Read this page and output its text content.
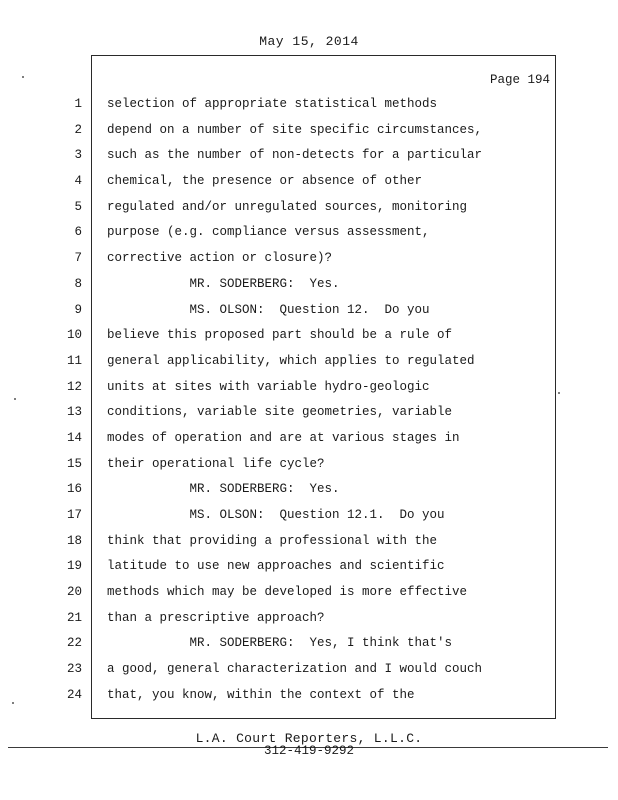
May 15, 2014
Page 194
1 selection of appropriate statistical methods
2 depend on a number of site specific circumstances,
3 such as the number of non-detects for a particular
4 chemical, the presence or absence of other
5 regulated and/or unregulated sources, monitoring
6 purpose (e.g. compliance versus assessment,
7 corrective action or closure)?
8 MR. SODERBERG:  Yes.
9 MS. OLSON:  Question 12.  Do you
10 believe this proposed part should be a rule of
11 general applicability, which applies to regulated
12 units at sites with variable hydro-geologic
13 conditions, variable site geometries, variable
14 modes of operation and are at various stages in
15 their operational life cycle?
16 MR. SODERBERG:  Yes.
17 MS. OLSON:  Question 12.1.  Do you
18 think that providing a professional with the
19 latitude to use new approaches and scientific
20 methods which may be developed is more effective
21 than a prescriptive approach?
22 MR. SODERBERG:  Yes, I think that's
23 a good, general characterization and I would couch
24 that, you know, within the context of the
L.A. Court Reporters, L.L.C.
312-419-9292
